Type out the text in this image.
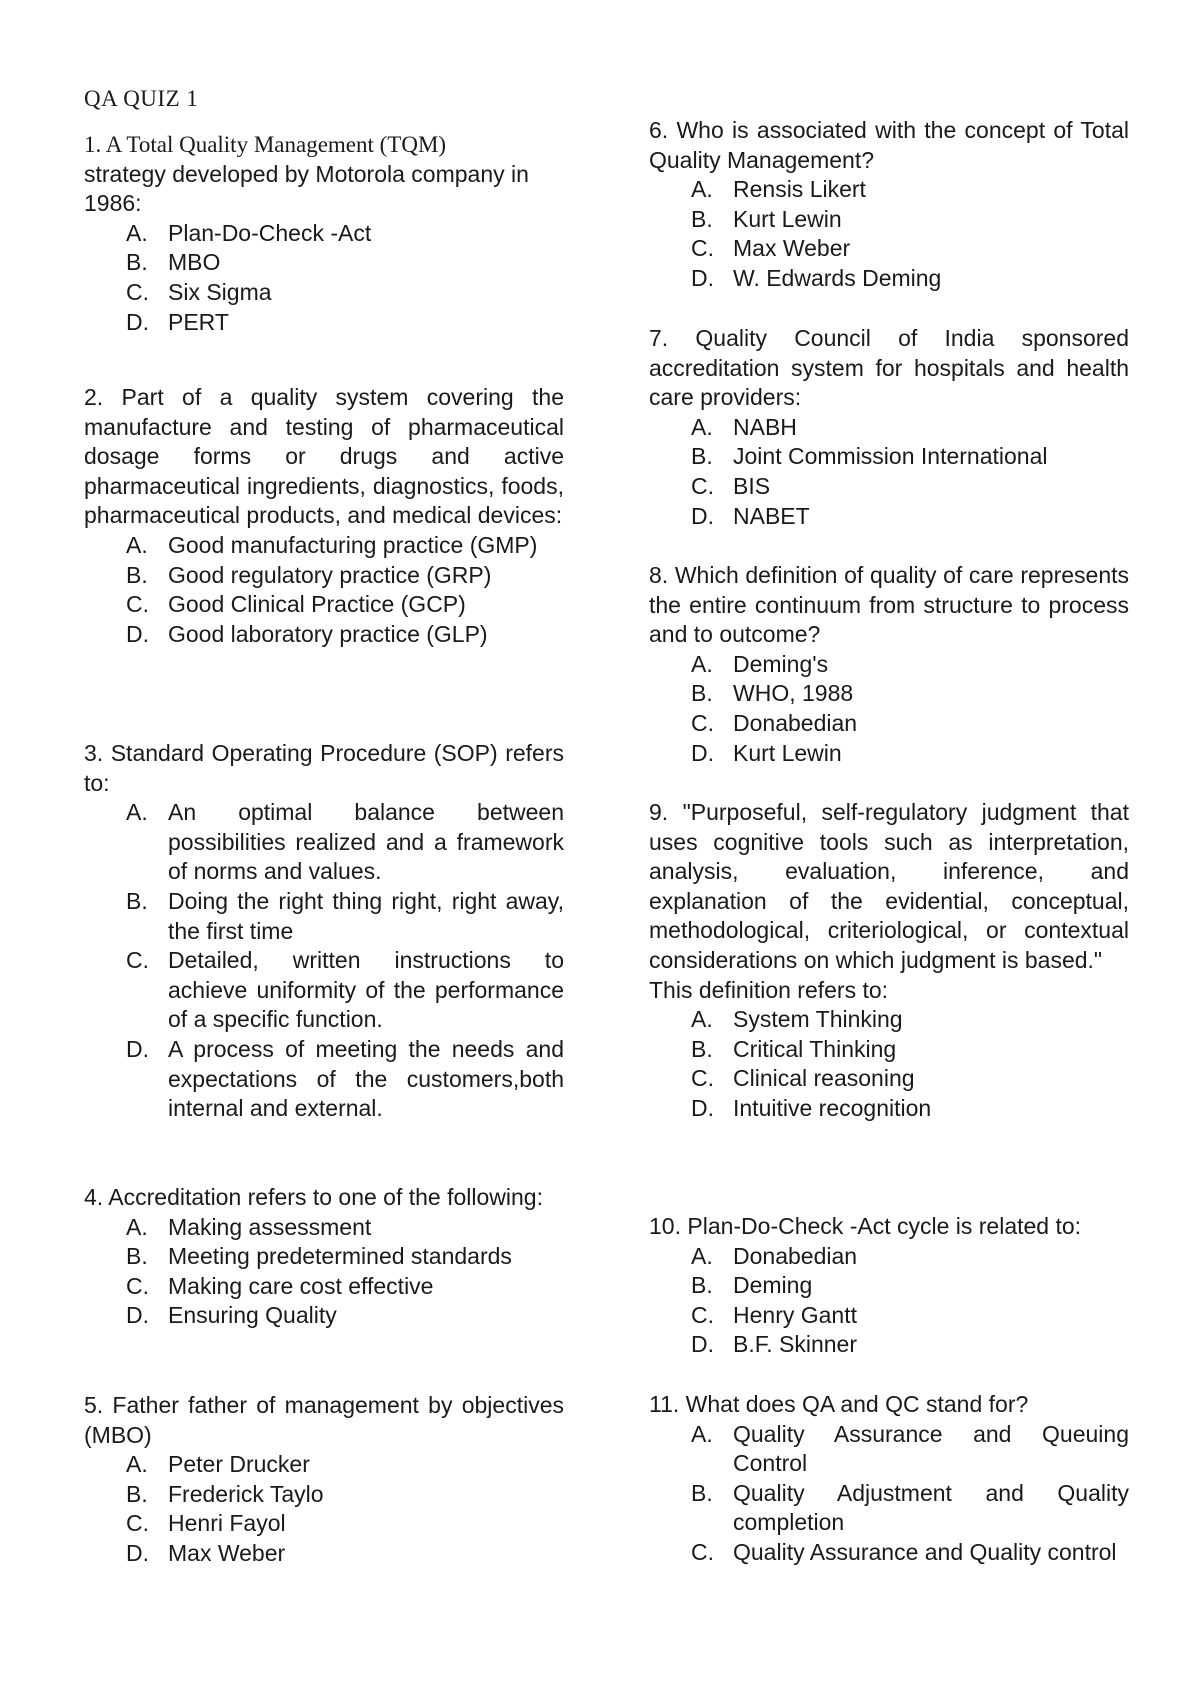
QA QUIZ 1
1. A Total Quality Management (TQM)
strategy developed by Motorola company in 1986:
A. Plan-Do-Check -Act
B. MBO
C. Six Sigma
D. PERT
2. Part of a quality system covering the manufacture and testing of pharmaceutical dosage forms or drugs and active pharmaceutical ingredients, diagnostics, foods, pharmaceutical products, and medical devices:
A. Good manufacturing practice (GMP)
B. Good regulatory practice (GRP)
C. Good Clinical Practice (GCP)
D. Good laboratory practice (GLP)
3. Standard Operating Procedure (SOP) refers to:
A. An optimal balance between possibilities realized and a framework of norms and values.
B. Doing the right thing right, right away, the first time
C. Detailed, written instructions to achieve uniformity of the performance of a specific function.
D. A process of meeting the needs and expectations of the customers,both internal and external.
4. Accreditation refers to one of the following:
A. Making assessment
B. Meeting predetermined standards
C. Making care cost effective
D. Ensuring Quality
5. Father father of management by objectives (MBO)
A. Peter Drucker
B. Frederick Taylo
C. Henri Fayol
D. Max Weber
6. Who is associated with the concept of Total Quality Management?
A. Rensis Likert
B. Kurt Lewin
C. Max Weber
D. W. Edwards Deming
7. Quality Council of India sponsored accreditation system for hospitals and health care providers:
A. NABH
B. Joint Commission International
C. BIS
D. NABET
8. Which definition of quality of care represents the entire continuum from structure to process and to outcome?
A. Deming's
B. WHO, 1988
C. Donabedian
D. Kurt Lewin
9. "Purposeful, self-regulatory judgment that uses cognitive tools such as interpretation, analysis, evaluation, inference, and explanation of the evidential, conceptual, methodological, criteriological, or contextual considerations on which judgment is based."
This definition refers to:
A. System Thinking
B. Critical Thinking
C. Clinical reasoning
D. Intuitive recognition
10. Plan-Do-Check -Act cycle is related to:
A. Donabedian
B. Deming
C. Henry Gantt
D. B.F. Skinner
11. What does QA and QC stand for?
A. Quality Assurance and Queuing Control
B. Quality Adjustment and Quality completion
C. Quality Assurance and Quality control
